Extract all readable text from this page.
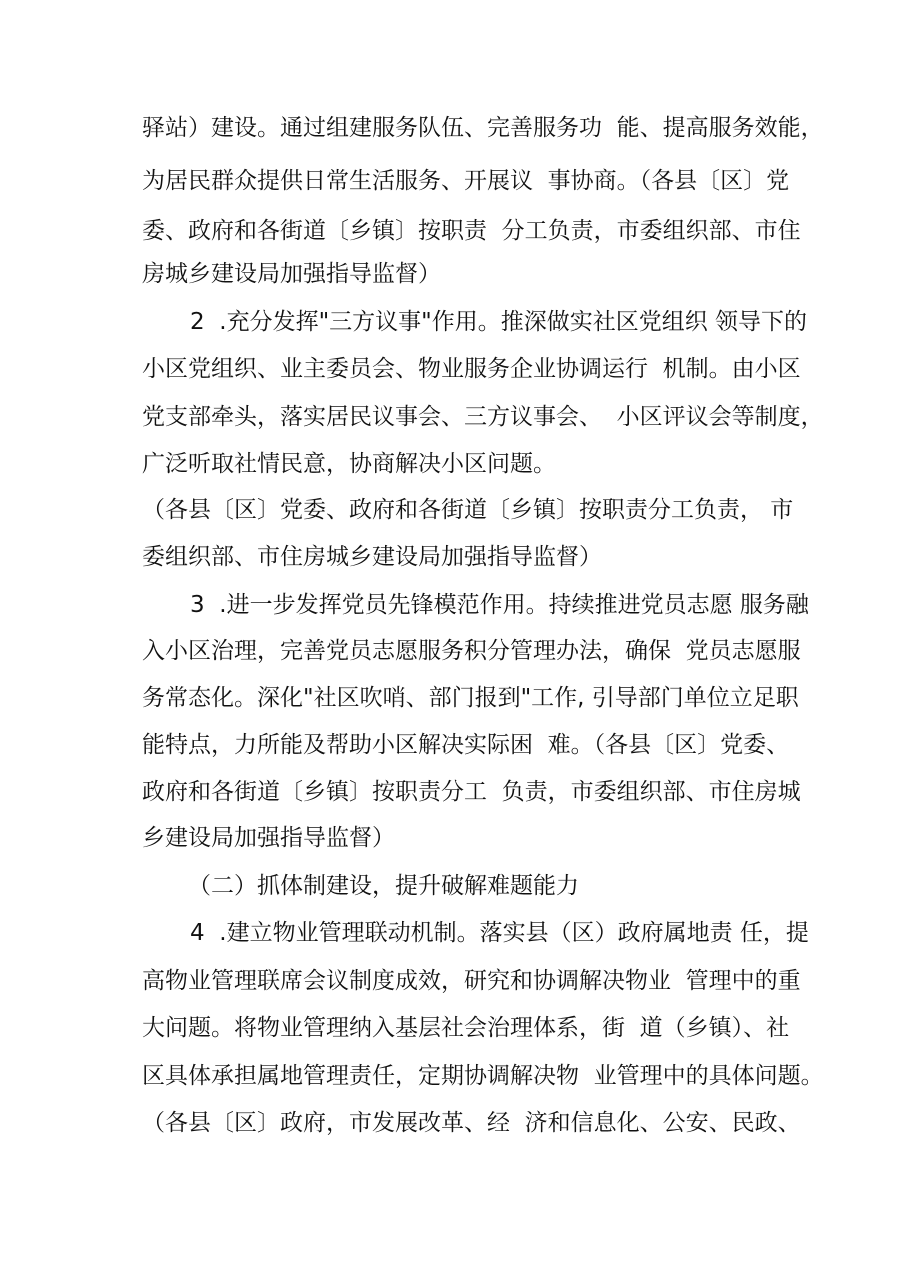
驿站）建设。通过组建服务队伍、完善服务功  能、提高服务效能，
为居民群众提供日常生活服务、开展议  事协商。（各县〔区〕党
委、政府和各街道〔乡镇〕按职责  分工负责，市委组织部、市住
房城乡建设局加强指导监督）
2  .充分发挥"三方议事"作用。推深做实社区党组织 领导下的
小区党组织、业主委员会、物业服务企业协调运行  机制。由小区
党支部牵头，落实居民议事会、三方议事会、  小区评议会等制度，
广泛听取社情民意，协商解决小区问题。
（各县〔区〕党委、政府和各街道〔乡镇〕按职责分工负责， 市
委组织部、市住房城乡建设局加强指导监督）
3  .进一步发挥党员先锋模范作用。持续推进党员志愿 服务融
入小区治理，完善党员志愿服务积分管理办法，确保  党员志愿服
务常态化。深化"社区吹哨、部门报到"工作, 引导部门单位立足职
能特点，力所能及帮助小区解决实际困  难。（各县〔区〕党委、
政府和各街道〔乡镇〕按职责分工  负责，市委组织部、市住房城
乡建设局加强指导监督）
（二）抓体制建设，提升破解难题能力
4  .建立物业管理联动机制。落实县（区）政府属地责 任，提
高物业管理联席会议制度成效，研究和协调解决物业  管理中的重
大问题。将物业管理纳入基层社会治理体系，街  道（乡镇）、社
区具体承担属地管理责任，定期协调解决物  业管理中的具体问题。
（各县〔区〕政府，市发展改革、经  济和信息化、公安、民政、
